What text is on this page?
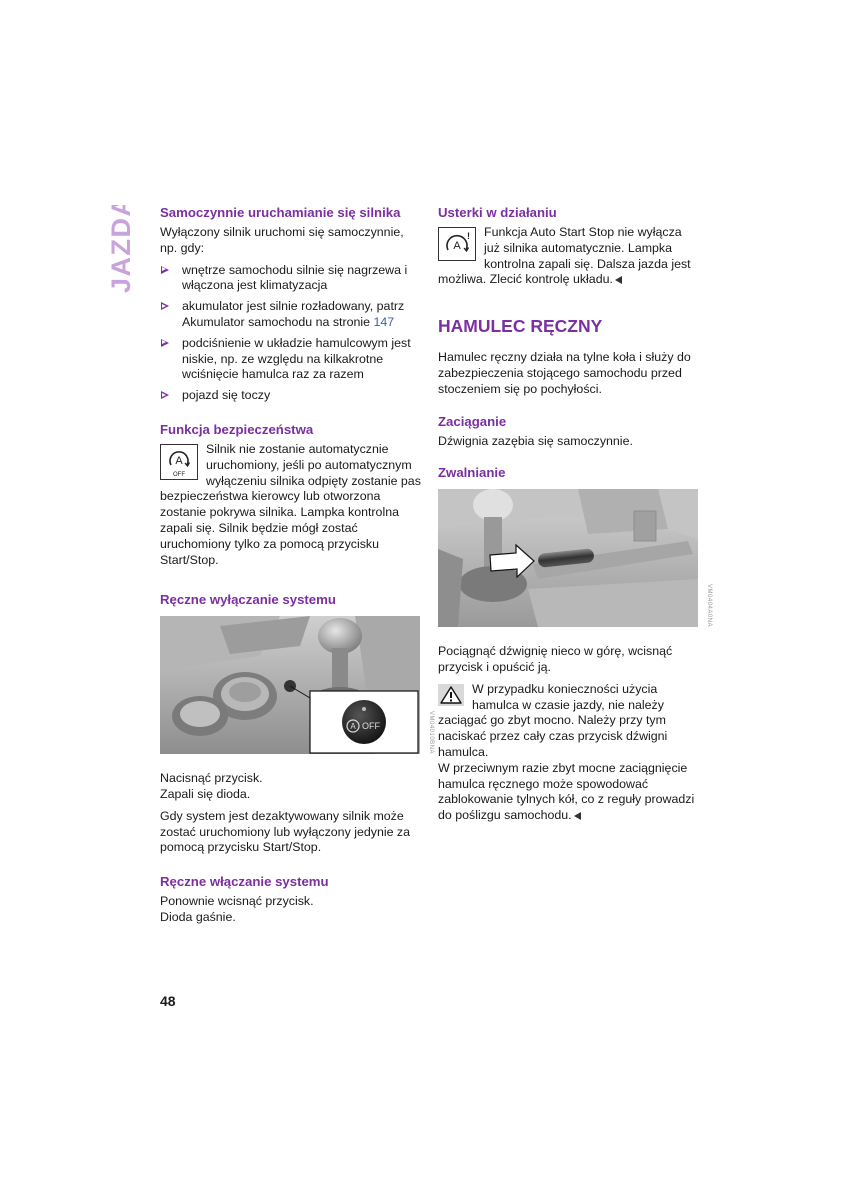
JAZDA Samoczynnie uruchamianie się silnika

Wyłączony silnik uruchomi się samoczynnie, np. gdy:

wnętrze samochodu silnie się nagrzewa i włączona jest klimatyzacja
akumulator jest silnie rozładowany, patrz Akumulator samochodu na stronie 147
podciśnienie w układzie hamulcowym jest niskie, np. ze względu na kilkakrotne wciśnięcie hamulca raz za razem
pojazd się toczy
Funkcja bezpieczeństwa
A
OFF

Silnik nie zostanie automatycznie uruchomiony, jeśli po automatycznym wyłączeniu silnika odpięty zostanie pas bezpieczeństwa kierowcy lub otworzona zostanie pokrywa silnika. Lampka kontrolna zapali się. Silnik będzie mógł zostać uruchomiony tylko za pomocą przycisku Start/Stop.

Ręczne wyłączanie systemu
A OFF	VM04010BNA

Nacisnąć przycisk.
Zapali się dioda.

Gdy system jest dezaktywowany silnik może zostać uruchomiony lub wyłączony jedynie za pomocą przycisku Start/Stop.

Ręczne włączanie systemu

Ponownie wcisnąć przycisk.
Dioda gaśnie.

Usterki w działaniu
A
!	Funkcja Auto Start Stop nie wyłącza już silnika automatycznie. Lampka kontrolna zapali się. Dalsza jazda jest możliwa. Zlecić kontrolę układu.

HAMULEC RĘCZNY

Hamulec ręczny działa na tylne koła i służy do zabezpieczenia stojącego samochodu przed stoczeniem się po pochyłości.

Zaciąganie

Dźwignia zazębia się samoczynnie.

Zwalnianie
VM0404A0NA

Pociągnąć dźwignię nieco w górę, wcisnąć przycisk i opuścić ją.

W przypadku konieczności użycia hamulca w czasie jazdy, nie należy zaciągać go zbyt mocno. Należy przy tym naciskać przez cały czas przycisk dźwigni hamulca.

W przeciwnym razie zbyt mocne zaciągnięcie hamulca ręcznego może spowodować zablokowanie tylnych kół, co z reguły prowadzi do poślizgu samochodu.

48
